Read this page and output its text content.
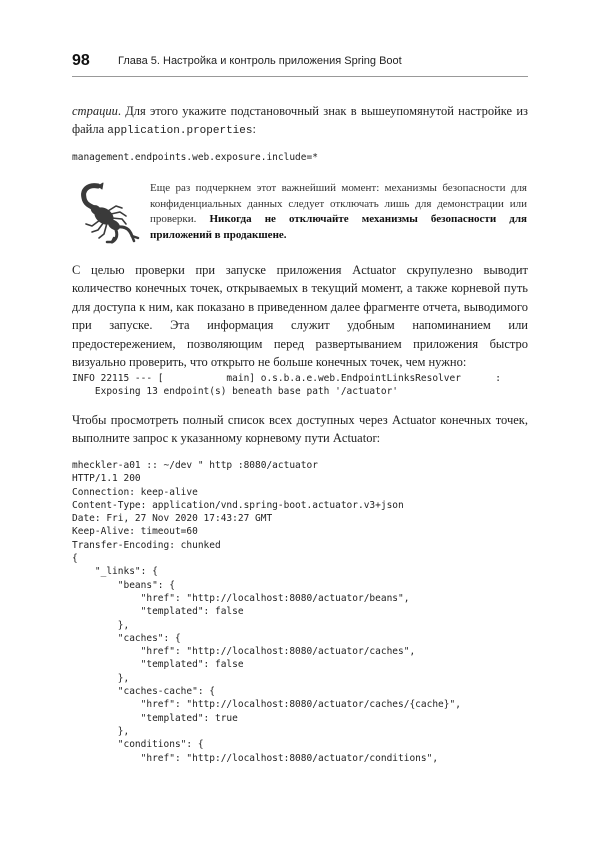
98	Глава 5. Настройка и контроль приложения Spring Boot

страции. Для этого укажите подстановочный знак в вышеупомянутой настройке из файла application.properties:

management.endpoints.web.exposure.include=*

Еще раз подчеркнем этот важнейший момент: механизмы безопасности для конфиденциальных данных следует отключать лишь для демонстрации или проверки. Никогда не отключайте механизмы безопасности для приложений в продакшене.

С целью проверки при запуске приложения Actuator скрупулезно выводит количество конечных точек, открываемых в текущий момент, а также корневой путь для доступа к ним, как показано в приведенном далее фрагменте отчета, выводимого при запуске. Эта информация служит удобным напоминанием или предостережением, позволяющим перед развертыванием приложения быстро визуально проверить, что открыто не больше конечных точек, чем нужно:

INFO 22115 --- [           main] o.s.b.a.e.web.EndpointLinksResolver      :
Exposing 13 endpoint(s) beneath base path '/actuator'

Чтобы просмотреть полный список всех доступных через Actuator конечных точек, выполните запрос к указанному корневому пути Actuator:

mheckler-a01 :: ~/dev " http :8080/actuator
HTTP/1.1 200
Connection: keep-alive
Content-Type: application/vnd.spring-boot.actuator.v3+json
Date: Fri, 27 Nov 2020 17:43:27 GMT
Keep-Alive: timeout=60
Transfer-Encoding: chunked
{
"_links": {
"beans": {
"href": "http://localhost:8080/actuator/beans",
"templated": false
},
"caches": {
"href": "http://localhost:8080/actuator/caches",
"templated": false
},
"caches-cache": {
"href": "http://localhost:8080/actuator/caches/{cache}",
"templated": true
},
"conditions": {
"href": "http://localhost:8080/actuator/conditions",
